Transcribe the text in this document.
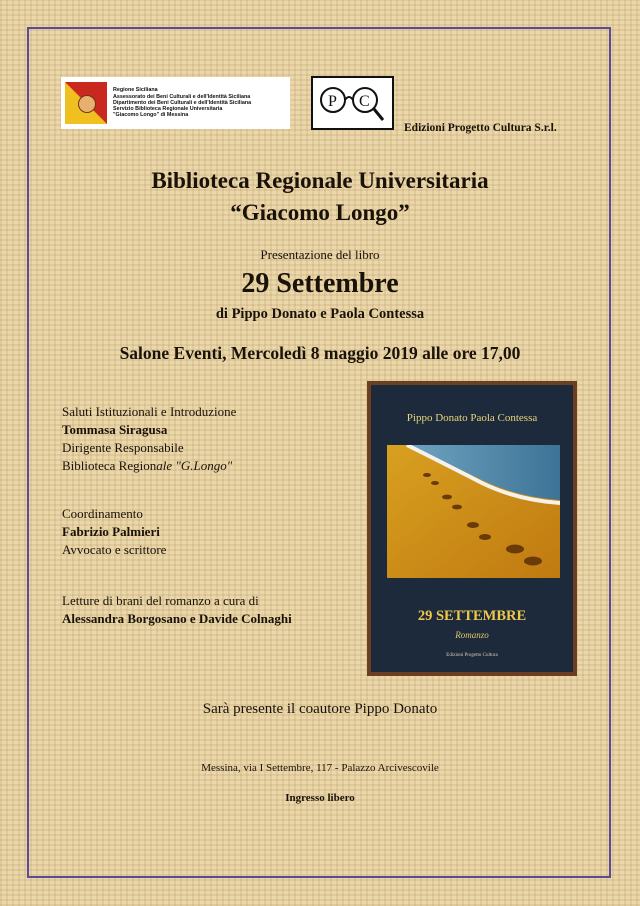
Regione Siciliana
Assessorato dei Beni Culturali e dell'Identità Siciliana
Dipartimento dei Beni Culturali e dell'Identità Siciliana
Servizio Biblioteca Regionale Universitaria
"Giacomo Longo" di Messina
P C
Edizioni Progetto Cultura S.r.l.
Biblioteca Regionale Universitaria
“Giacomo Longo”
Presentazione del libro
29 Settembre
di Pippo Donato e Paola Contessa
Salone Eventi, Mercoledì 8 maggio 2019 alle ore 17,00
Saluti Istituzionali e Introduzione
Tommasa Siragusa
Dirigente Responsabile
Biblioteca Regionale "G.Longo"
Coordinamento
Fabrizio Palmieri
Avvocato e scrittore
Letture di brani del romanzo a cura di
Alessandra Borgosano e Davide Colnaghi
Pippo Donato Paola Contessa
29 SETTEMBRE
Romanzo
Edizioni Progetto Cultura
Sarà presente il coautore Pippo Donato
Messina, via I Settembre, 117 - Palazzo Arcivescovile
Ingresso libero
